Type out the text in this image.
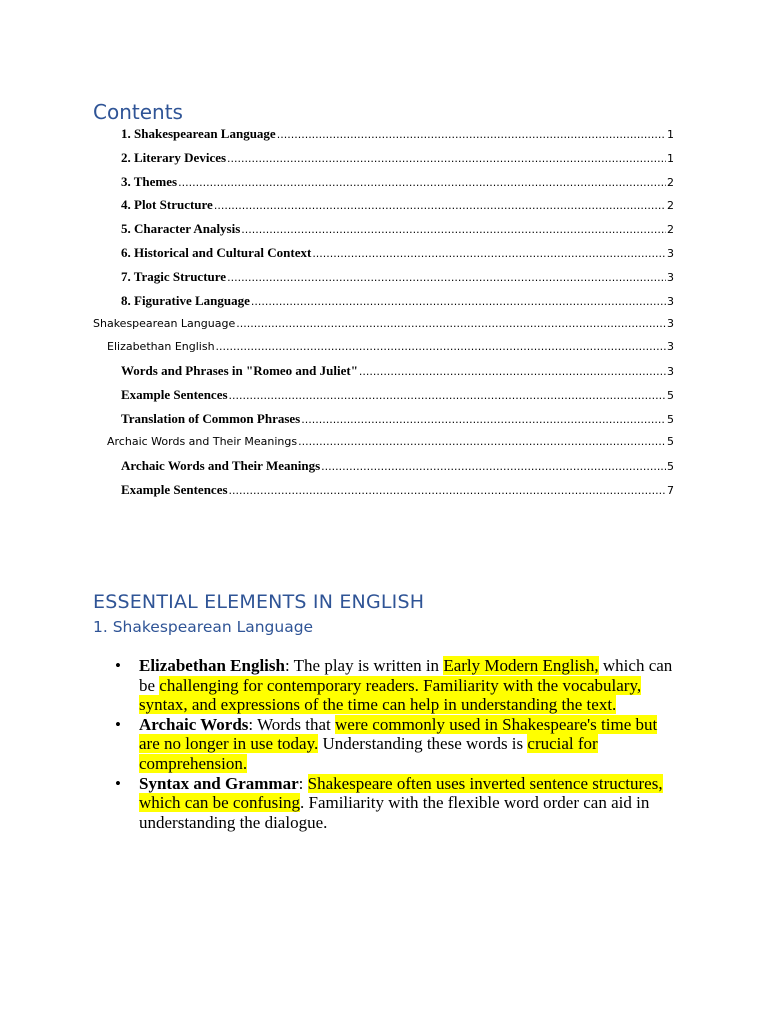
Contents
1. Shakespearean Language .....	1
2. Literary Devices .....	1
3. Themes .....	2
4. Plot Structure .....	2
5. Character Analysis .....	2
6. Historical and Cultural Context .....	3
7. Tragic Structure .....	3
8. Figurative Language .....	3
Shakespearean Language .....	3
Elizabethan English .....	3
Words and Phrases in "Romeo and Juliet" .....	3
Example Sentences .....	5
Translation of Common Phrases .....	5
Archaic Words and Their Meanings .....	5
Archaic Words and Their Meanings .....	5
Example Sentences .....	7
ESSENTIAL ELEMENTS IN ENGLISH
1. Shakespearean Language
• Elizabethan English: The play is written in Early Modern English, which can be challenging for contemporary readers. Familiarity with the vocabulary, syntax, and expressions of the time can help in understanding the text.
• Archaic Words: Words that were commonly used in Shakespeare's time but are no longer in use today. Understanding these words is crucial for comprehension.
• Syntax and Grammar: Shakespeare often uses inverted sentence structures, which can be confusing. Familiarity with the flexible word order can aid in understanding the dialogue.
